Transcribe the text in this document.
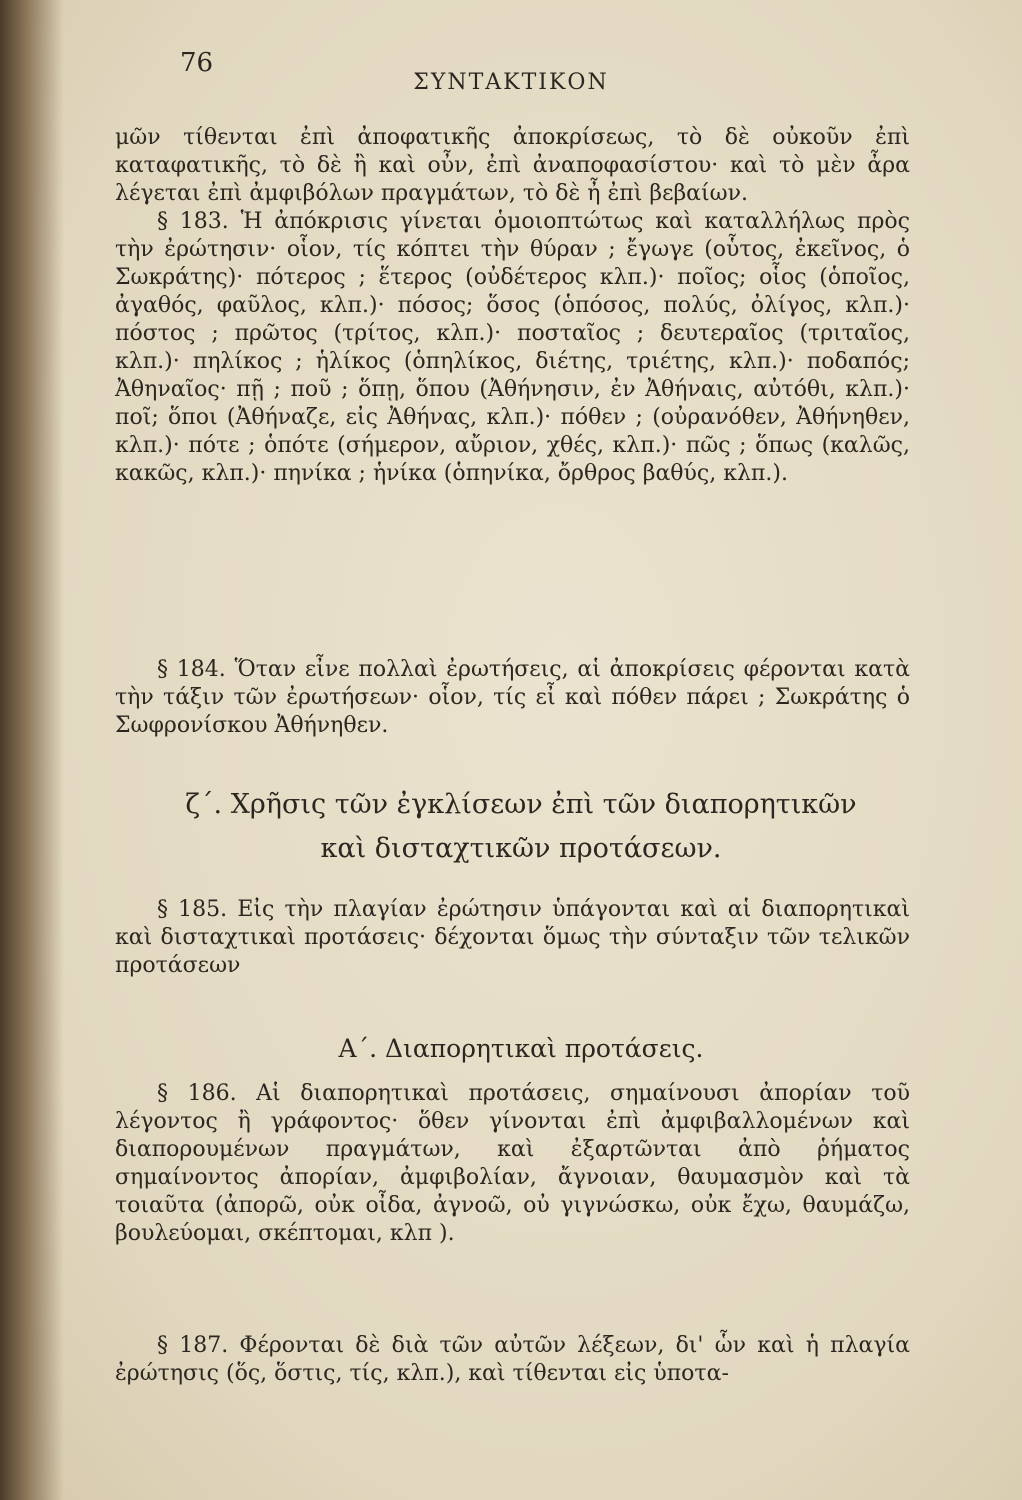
76
ΣΥΝΤΑΚΤΙΚΟΝ

μῶν τίθενται ἐπὶ ἀποφατικῆς ἀποκρίσεως, τὸ δὲ οὐκοῦν ἐπὶ καταφατικῆς, τὸ δὲ ἢ καὶ οὖν, ἐπὶ ἀναποφασίστου· καὶ τὸ μὲν ἆρα λέγεται ἐπὶ ἀμφιβόλων πραγμάτων, τὸ δὲ ἦ ἐπὶ βεβαίων.

§ 183. Ἡ ἀπόκρισις γίνεται ὁμοιοπτώτως καὶ καταλλήλως πρὸς τὴν ἐρώτησιν· οἷον, τίς κόπτει τὴν θύραν ; ἔγωγε (οὗτος, ἐκεῖνος, ὁ Σωκράτης)· πότερος ; ἕτερος (οὐδέτερος κλπ.)· ποῖος; οἷος (ὁποῖος, ἀγαθός, φαῦλος, κλπ.)· πόσος; ὅσος (ὁπόσος, πολύς, ὀλίγος, κλπ.)· πόστος ; πρῶτος (τρίτος, κλπ.)· ποσταῖος ; δευτεραῖος (τριταῖος, κλπ.)· πηλίκος ; ἡλίκος (ὁπηλίκος, διέτης, τριέτης, κλπ.)· ποδαπός; Ἀθηναῖος· πῇ ; ποῦ ; ὅπῃ, ὅπου (Ἀθήνησιν, ἐν Ἀθήναις, αὐτόθι, κλπ.)· ποῖ; ὅποι (Ἀθήναζε, εἰς Ἀθήνας, κλπ.)· πόθεν ; (οὐρανόθεν, Ἀθήνηθεν, κλπ.)· πότε ; ὁπότε (σήμερον, αὔριον, χθές, κλπ.)· πῶς ; ὅπως (καλῶς, κακῶς, κλπ.)· πηνίκα ; ἡνίκα (ὁπηνίκα, ὄρθρος βαθύς, κλπ.).

§ 184. Ὅταν εἶνε πολλαὶ ἐρωτήσεις, αἱ ἀποκρίσεις φέρονται κατὰ τὴν τάξιν τῶν ἐρωτήσεων· οἷον, τίς εἶ καὶ πόθεν πάρει ; Σωκράτης ὁ Σωφρονίσκου Ἀθήνηθεν.

ζ΄. Χρῆσις τῶν ἐγκλίσεων ἐπὶ τῶν διαπορητικῶν
καὶ δισταχτικῶν προτάσεων.

§ 185. Εἰς τὴν πλαγίαν ἐρώτησιν ὑπάγονται καὶ αἱ διαπορητικαὶ καὶ δισταχτικαὶ προτάσεις· δέχονται ὅμως τὴν σύνταξιν τῶν τελικῶν προτάσεων

Α΄. Διαπορητικαὶ προτάσεις.

§ 186. Αἱ διαπορητικαὶ προτάσεις, σημαίνουσι ἀπορίαν τοῦ λέγοντος ἢ γράφοντος· ὅθεν γίνονται ἐπὶ ἀμφιβαλλομένων καὶ διαπορουμένων πραγμάτων, καὶ ἐξαρτῶνται ἀπὸ ῥήματος σημαίνοντος ἀπορίαν, ἀμφιβολίαν, ἄγνοιαν, θαυμασμὸν καὶ τὰ τοιαῦτα (ἀπορῶ, οὐκ οἶδα, ἀγνοῶ, οὐ γιγνώσκω, οὐκ ἔχω, θαυμάζω, βουλεύομαι, σκέπτομαι, κλπ ).

§ 187. Φέρονται δὲ διὰ τῶν αὐτῶν λέξεων, δι' ὧν καὶ ἡ πλαγία ἐρώτησις (ὅς, ὅστις, τίς, κλπ.), καὶ τίθενται εἰς ὑποτα-
